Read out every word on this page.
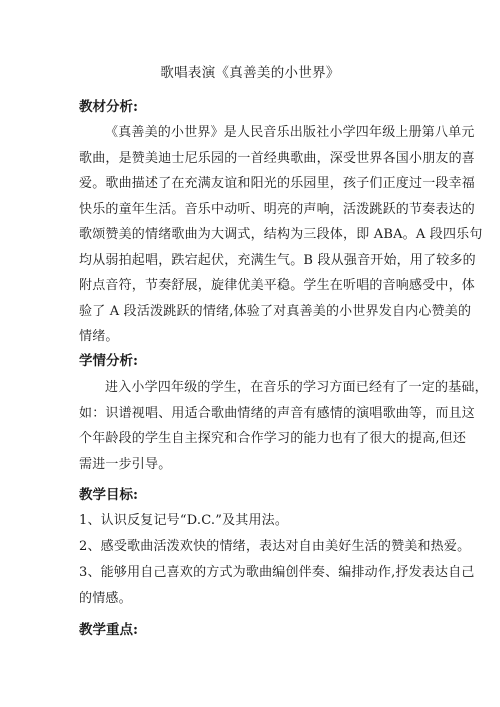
歌唱表演《真善美的小世界》
教材分析:
《真善美的小世界》是人民音乐出版社小学四年级上册第八单元
歌曲，是赞美迪士尼乐园的一首经典歌曲，深受世界各国小朋友的喜
爱。歌曲描述了在充满友谊和阳光的乐园里，孩子们正度过一段幸福
快乐的童年生活。音乐中动听、明亮的声响，活泼跳跃的节奏表达的
歌颂赞美的情绪歌曲为大调式，结构为三段体，即 ABA。A 段四乐句
均从弱拍起唱，跌宕起伏，充满生气。B 段从强音开始，用了较多的
附点音符，节奏舒展，旋律优美平稳。学生在听唱的音响感受中，体
验了 A 段活泼跳跃的情绪,体验了对真善美的小世界发自内心赞美的
情绪。
学情分析:
进入小学四年级的学生，在音乐的学习方面已经有了一定的基础，
如：识谱视唱、用适合歌曲情绪的声音有感情的演唱歌曲等，而且这
个年龄段的学生自主探究和合作学习的能力也有了很大的提高,但还
需进一步引导。
教学目标:
1、认识反复记号“D.C.”及其用法。
2、感受歌曲活泼欢快的情绪，表达对自由美好生活的赞美和热爱。
3、能够用自己喜欢的方式为歌曲编创伴奏、编排动作,抒发表达自己
的情感。
教学重点:
